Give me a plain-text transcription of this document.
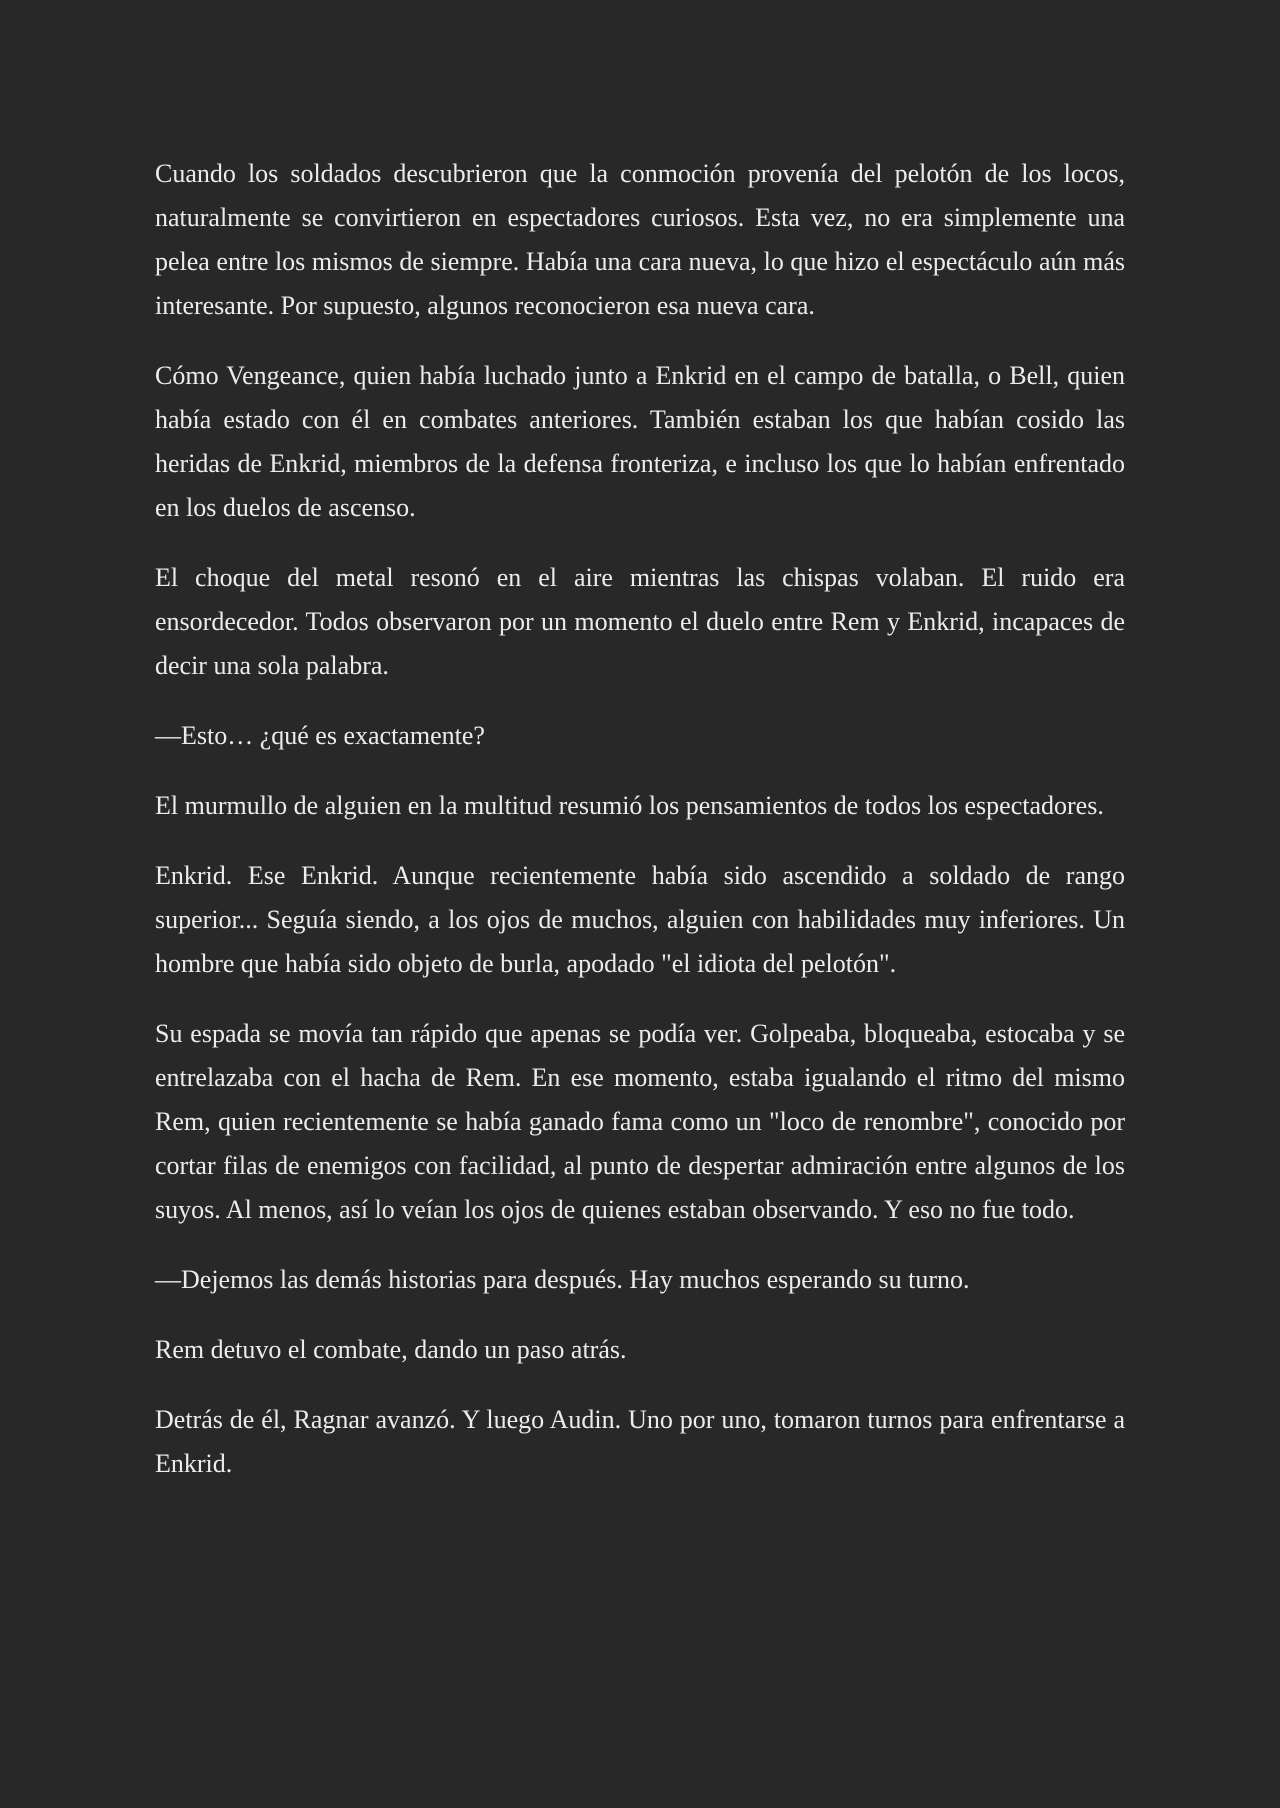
Cuando los soldados descubrieron que la conmoción provenía del pelotón de los locos, naturalmente se convirtieron en espectadores curiosos. Esta vez, no era simplemente una pelea entre los mismos de siempre. Había una cara nueva, lo que hizo el espectáculo aún más interesante. Por supuesto, algunos reconocieron esa nueva cara.

Cómo Vengeance, quien había luchado junto a Enkrid en el campo de batalla, o Bell, quien había estado con él en combates anteriores. También estaban los que habían cosido las heridas de Enkrid, miembros de la defensa fronteriza, e incluso los que lo habían enfrentado en los duelos de ascenso.

El choque del metal resonó en el aire mientras las chispas volaban. El ruido era ensordecedor. Todos observaron por un momento el duelo entre Rem y Enkrid, incapaces de decir una sola palabra.

—Esto… ¿qué es exactamente?

El murmullo de alguien en la multitud resumió los pensamientos de todos los espectadores.

Enkrid. Ese Enkrid. Aunque recientemente había sido ascendido a soldado de rango superior... Seguía siendo, a los ojos de muchos, alguien con habilidades muy inferiores. Un hombre que había sido objeto de burla, apodado "el idiota del pelotón".

Su espada se movía tan rápido que apenas se podía ver. Golpeaba, bloqueaba, estocaba y se entrelazaba con el hacha de Rem. En ese momento, estaba igualando el ritmo del mismo Rem, quien recientemente se había ganado fama como un "loco de renombre", conocido por cortar filas de enemigos con facilidad, al punto de despertar admiración entre algunos de los suyos. Al menos, así lo veían los ojos de quienes estaban observando. Y eso no fue todo.

—Dejemos las demás historias para después. Hay muchos esperando su turno.

Rem detuvo el combate, dando un paso atrás.

Detrás de él, Ragnar avanzó. Y luego Audin. Uno por uno, tomaron turnos para enfrentarse a Enkrid.
